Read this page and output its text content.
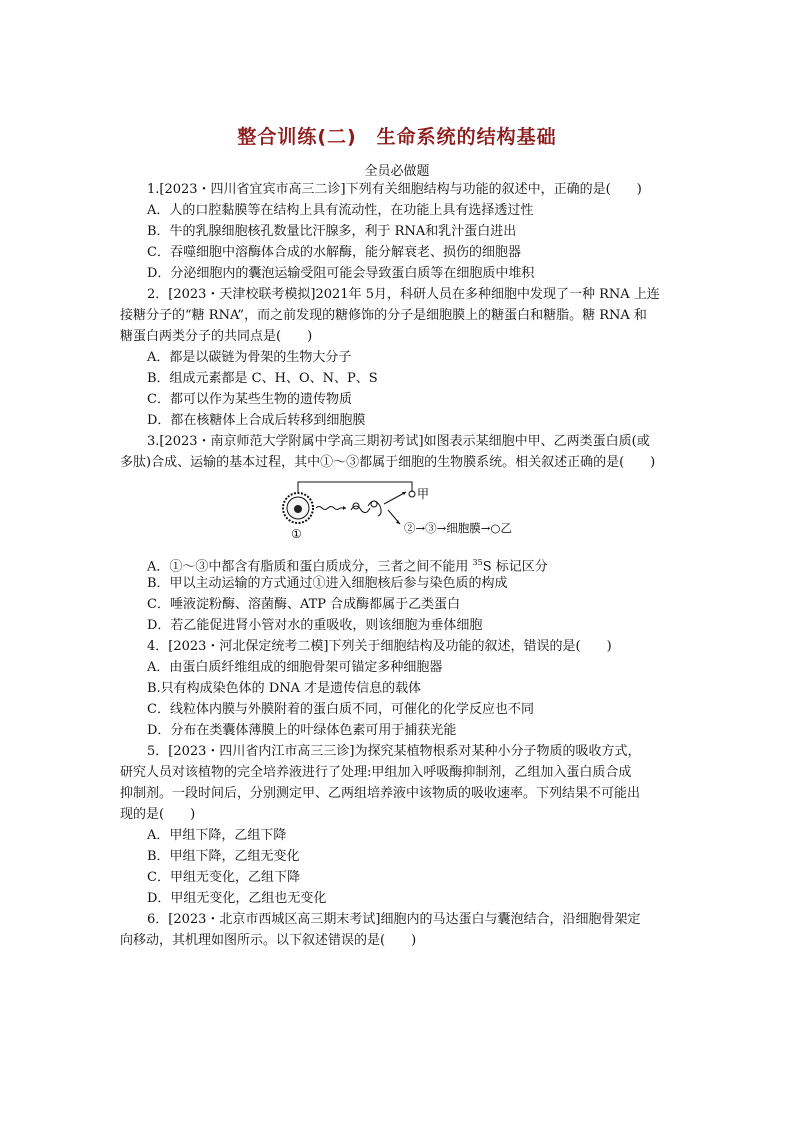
整合训练(二)　生命系统的结构基础
全员必做题
1.[2023・四川省宜宾市高三二诊]下列有关细胞结构与功能的叙述中，正确的是(　　)
A．人的口腔黏膜等在结构上具有流动性，在功能上具有选择透过性
B．牛的乳腺细胞核孔数量比汗腺多，利于 RNA和乳汁蛋白进出
C．吞噬细胞中溶酶体合成的水解酶，能分解衰老、损伤的细胞器
D．分泌细胞内的囊泡运输受阻可能会导致蛋白质等在细胞质中堆积
2．[2023・天津校联考模拟]2021年 5月，科研人员在多种细胞中发现了一种 RNA 上连
接糖分子的“糖 RNA”，而之前发现的糖修饰的分子是细胞膜上的糖蛋白和糖脂。糖 RNA 和
糖蛋白两类分子的共同点是(　　)
A．都是以碳链为骨架的生物大分子
B．组成元素都是 C、H、O、N、P、S
C．都可以作为某些生物的遗传物质
D．都在核糖体上合成后转移到细胞膜
3.[2023・南京师范大学附属中学高三期初考试]如图表示某细胞中甲、乙两类蛋白质(或
多肽)合成、运输的基本过程，其中①～③都属于细胞的生物膜系统。相关叙述正确的是(　　)
甲
①	②→③→细胞膜→○乙
A．①～③中都含有脂质和蛋白质成分，三者之间不能用 $^{35}$S 标记区分
B．甲以主动运输的方式通过①进入细胞核后参与染色质的构成
C．唾液淀粉酶、溶菌酶、ATP 合成酶都属于乙类蛋白
D．若乙能促进肾小管对水的重吸收，则该细胞为垂体细胞
4．[2023・河北保定统考二模]下列关于细胞结构及功能的叙述，错误的是(　　)
A．由蛋白质纤维组成的细胞骨架可锚定多种细胞器
B.只有构成染色体的 DNA 才是遗传信息的载体
C．线粒体内膜与外膜附着的蛋白质不同，可催化的化学反应也不同
D．分布在类囊体薄膜上的叶绿体色素可用于捕获光能
5．[2023・四川省内江市高三三诊]为探究某植物根系对某种小分子物质的吸收方式，
研究人员对该植物的完全培养液进行了处理:甲组加入呼吸酶抑制剂，乙组加入蛋白质合成
抑制剂。一段时间后，分别测定甲、乙两组培养液中该物质的吸收速率。下列结果不可能出
现的是(　　)
A．甲组下降，乙组下降
B．甲组下降，乙组无变化
C．甲组无变化，乙组下降
D．甲组无变化，乙组也无变化
6．[2023・北京市西城区高三期末考试]细胞内的马达蛋白与囊泡结合，沿细胞骨架定
向移动，其机理如图所示。以下叙述错误的是(　　)
